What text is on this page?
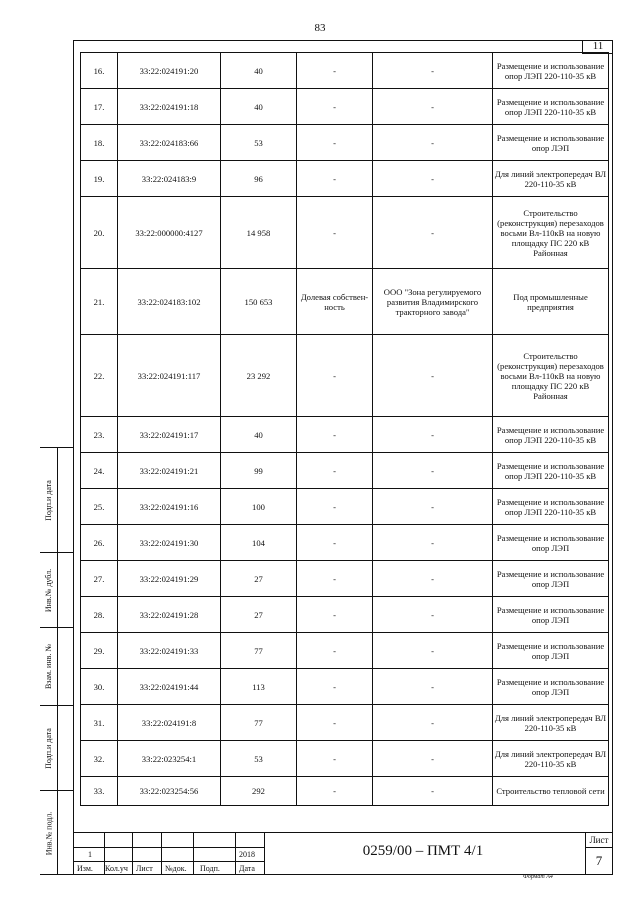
83
11
16.	33:22:024191:20	40	-	-	Размещение и использование опор ЛЭП 220-110-35 кВ
17.	33:22:024191:18	40	-	-	Размещение и использование опор ЛЭП 220-110-35 кВ
18.	33:22:024183:66	53	-	-	Размещение и использование опор ЛЭП
19.	33:22:024183:9	96	-	-	Для линий электропередач ВЛ 220-110-35 кВ
20.	33:22:000000:4127	14 958	-	-	Строительство (реконструкция) перезаходов восьми Вл-110кВ на новую площадку ПС 220 кВ Районная
21.	33:22:024183:102	150 653	Долевая собствен-ность	ООО "Зона регулируемого развития Владимирского тракторного завода"	Под промышленные предприятия
22.	33:22:024191:117	23 292	-	-	Строительство (реконструкция) перезаходов восьми Вл-110кВ на новую площадку ПС 220 кВ Районная
23.	33:22:024191:17	40	-	-	Размещение и использование опор ЛЭП 220-110-35 кВ
24.	33:22:024191:21	99	-	-	Размещение и использование опор ЛЭП 220-110-35 кВ
25.	33:22:024191:16	100	-	-	Размещение и использование опор ЛЭП 220-110-35 кВ
26.	33:22:024191:30	104	-	-	Размещение и использование опор ЛЭП
27.	33:22:024191:29	27	-	-	Размещение и использование опор ЛЭП
28.	33:22:024191:28	27	-	-	Размещение и использование опор ЛЭП
29.	33:22:024191:33	77	-	-	Размещение и использование опор ЛЭП
30.	33:22:024191:44	113	-	-	Размещение и использование опор ЛЭП
31.	33:22:024191:8	77	-	-	Для линий электропередач ВЛ 220-110-35 кВ
32.	33:22:023254:1	53	-	-	Для линий электропередач ВЛ 220-110-35 кВ
33.	33:22:023254:56	292	-	-	Строительство тепловой сети
Подп.и дата
Инв.№ дубл.
Взам. инв. №
Подп.и дата
Инв.№ подл.	1	2018
Изм. Кол.уч Лист №док. Подп. Дата
0259/00 – ПМТ 4/1
Лист
7
Формат А4
